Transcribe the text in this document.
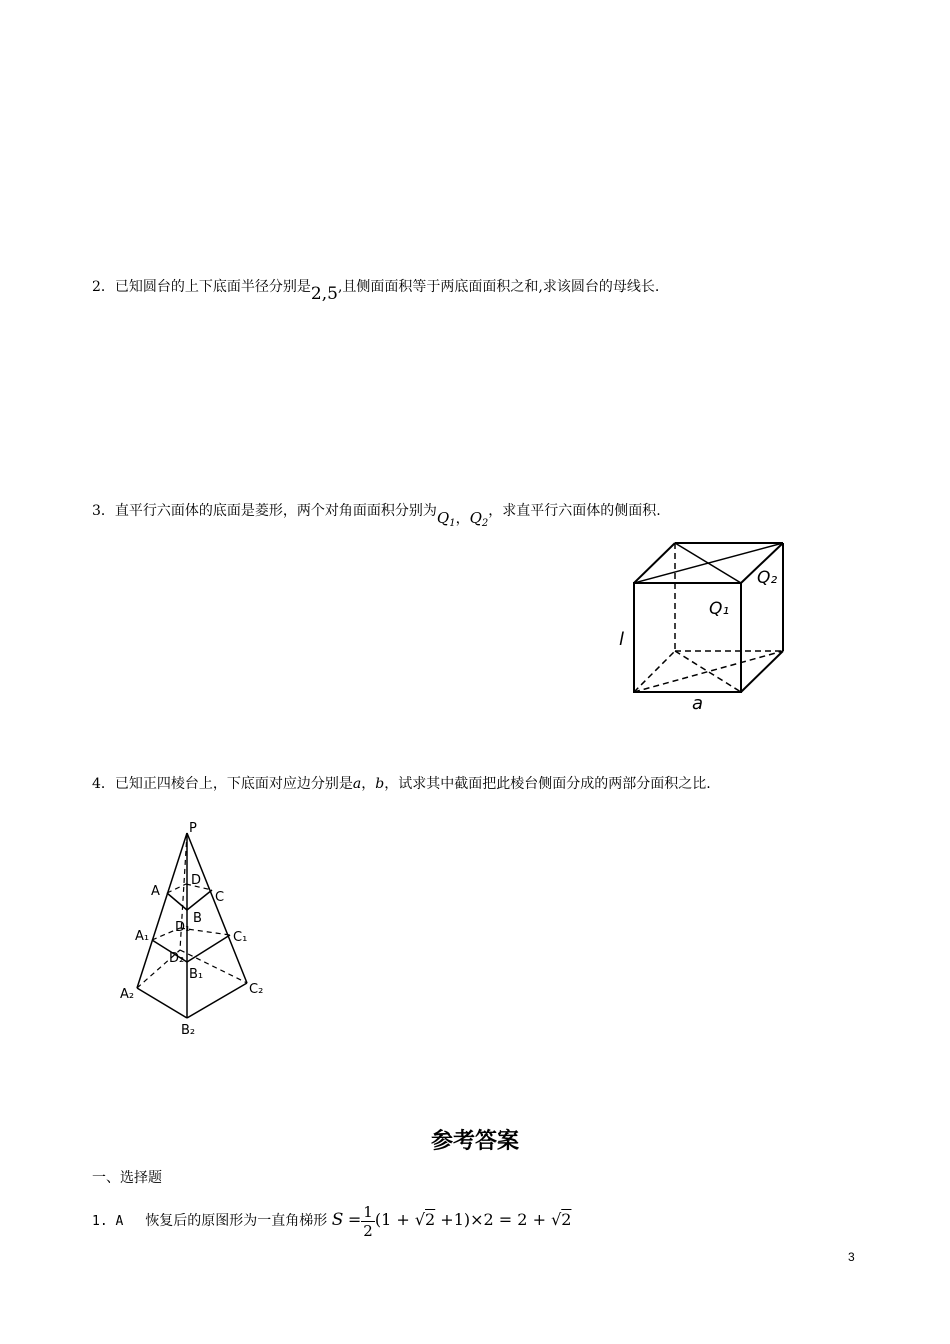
2．已知圆台的上下底面半径分别是2,5,且侧面面积等于两底面面积之和,求该圆台的母线长.
3．直平行六面体的底面是菱形，两个对角面面积分别为$Q_1$，$Q_2$，求直平行六面体的侧面积.
Q₂
Q₁
l
a
4．已知正四棱台上，下底面对应边分别是a，b，试求其中截面把此棱台侧面分成的两部分面积之比.
P
A
D
C
B
A₁
D₁
C₁
D₂
B₁
A₂	C₂
B₂
参考答案
一、选择题
1. A 恢复后的原图形为一直角梯形 $S = \frac{1}{2} (1 + √2 +1)\times 2 = 2 + √2$
3
